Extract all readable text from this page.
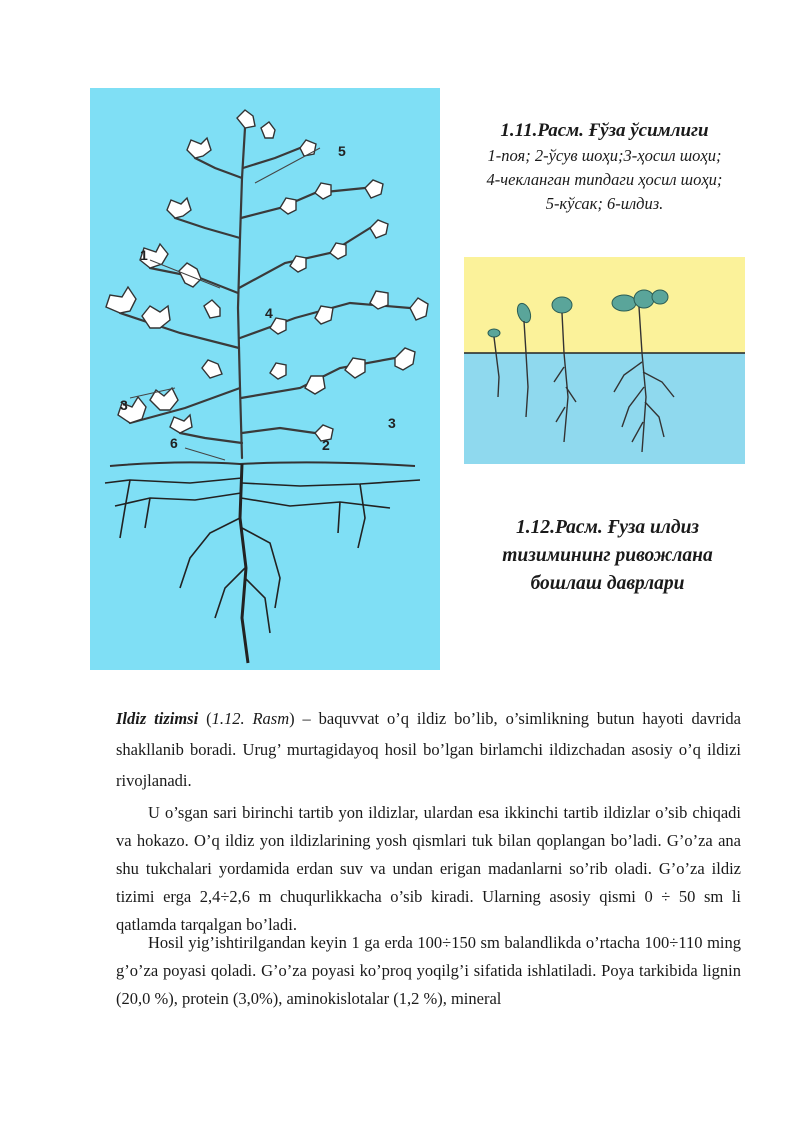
1
2
3
3
4
5
6
1.11.Расм. Ғўза ўсимлиги
1-поя; 2-ўсув шоҳи;3-ҳосил шоҳи;
4-чекланган типдаги ҳосил шоҳи;
5-кўсак; 6-илдиз.
1.12.Расм. Ғуза илдиз
тизимининг ривожлана
бошлаш даврлари
Ildiz tizimsi (1.12. Rasm) – baquvvat o’q ildiz bo’lib, o’simlikning butun hayoti davrida shakllanib boradi. Urug’ murtagidayoq hosil bo’lgan birlamchi ildizchadan asosiy o’q ildizi rivojlanadi.
U o’sgan sari birinchi tartib yon ildizlar, ulardan esa ikkinchi tartib ildizlar o’sib chiqadi va hokazo. O’q ildiz yon ildizlarining yosh qismlari tuk bilan qoplangan bo’ladi. G’o’za ana shu tukchalari yordamida erdan suv va undan erigan madanlarni so’rib oladi. G’o’za ildiz tizimi erga 2,4÷2,6 m chuqurlikkacha o’sib kiradi. Ularning asosiy qismi 0 ÷ 50 sm li qatlamda tarqalgan bo’ladi.
Hosil yig’ishtirilgandan keyin 1 ga erda 100÷150 sm balandlikda o’rtacha 100÷110 ming g’o’za poyasi qoladi. G’o’za poyasi ko’proq yoqilg’i sifatida ishlatiladi. Poya tarkibida lignin (20,0 %), protein (3,0%), aminokislotalar (1,2 %), mineral
